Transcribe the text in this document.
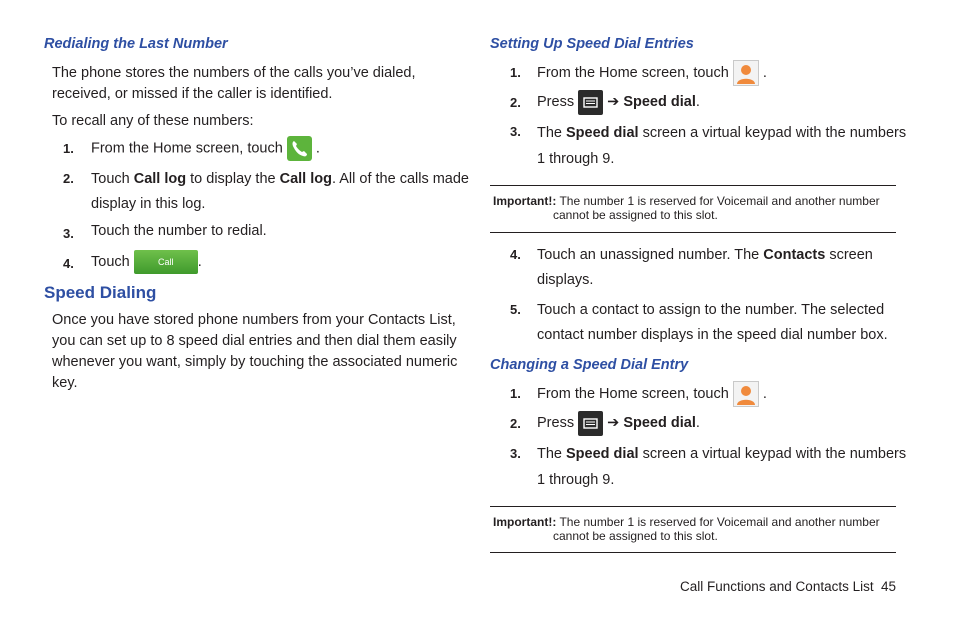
Redialing the Last Number
The phone stores the numbers of the calls you’ve dialed,
received, or missed if the caller is identified.
To recall any of these numbers:
1. From the Home screen, touch .
2. Touch Call log to display the Call log. All of the calls made
display in this log.
3. Touch the number to redial.
4. Touch	Call .
Speed Dialing
Once you have stored phone numbers from your Contacts List,
you can set up to 8 speed dial entries and then dial them easily
whenever you want, simply by touching the associated numeric
key.
Setting Up Speed Dial Entries
1. From the Home screen, touch .
2. Press ➔ Speed dial.
3. The Speed dial screen a virtual keypad with the numbers
1 through 9.
Important!: The number 1 is reserved for Voicemail and another number
cannot be assigned to this slot.
4. Touch an unassigned number. The Contacts screen
displays.
5. Touch a contact to assign to the number. The selected
contact number displays in the speed dial number box.
Changing a Speed Dial Entry
1. From the Home screen, touch .
2. Press ➔ Speed dial.
3. The Speed dial screen a virtual keypad with the numbers
1 through 9.
Important!: The number 1 is reserved for Voicemail and another number
cannot be assigned to this slot.
Call Functions and Contacts List 45
